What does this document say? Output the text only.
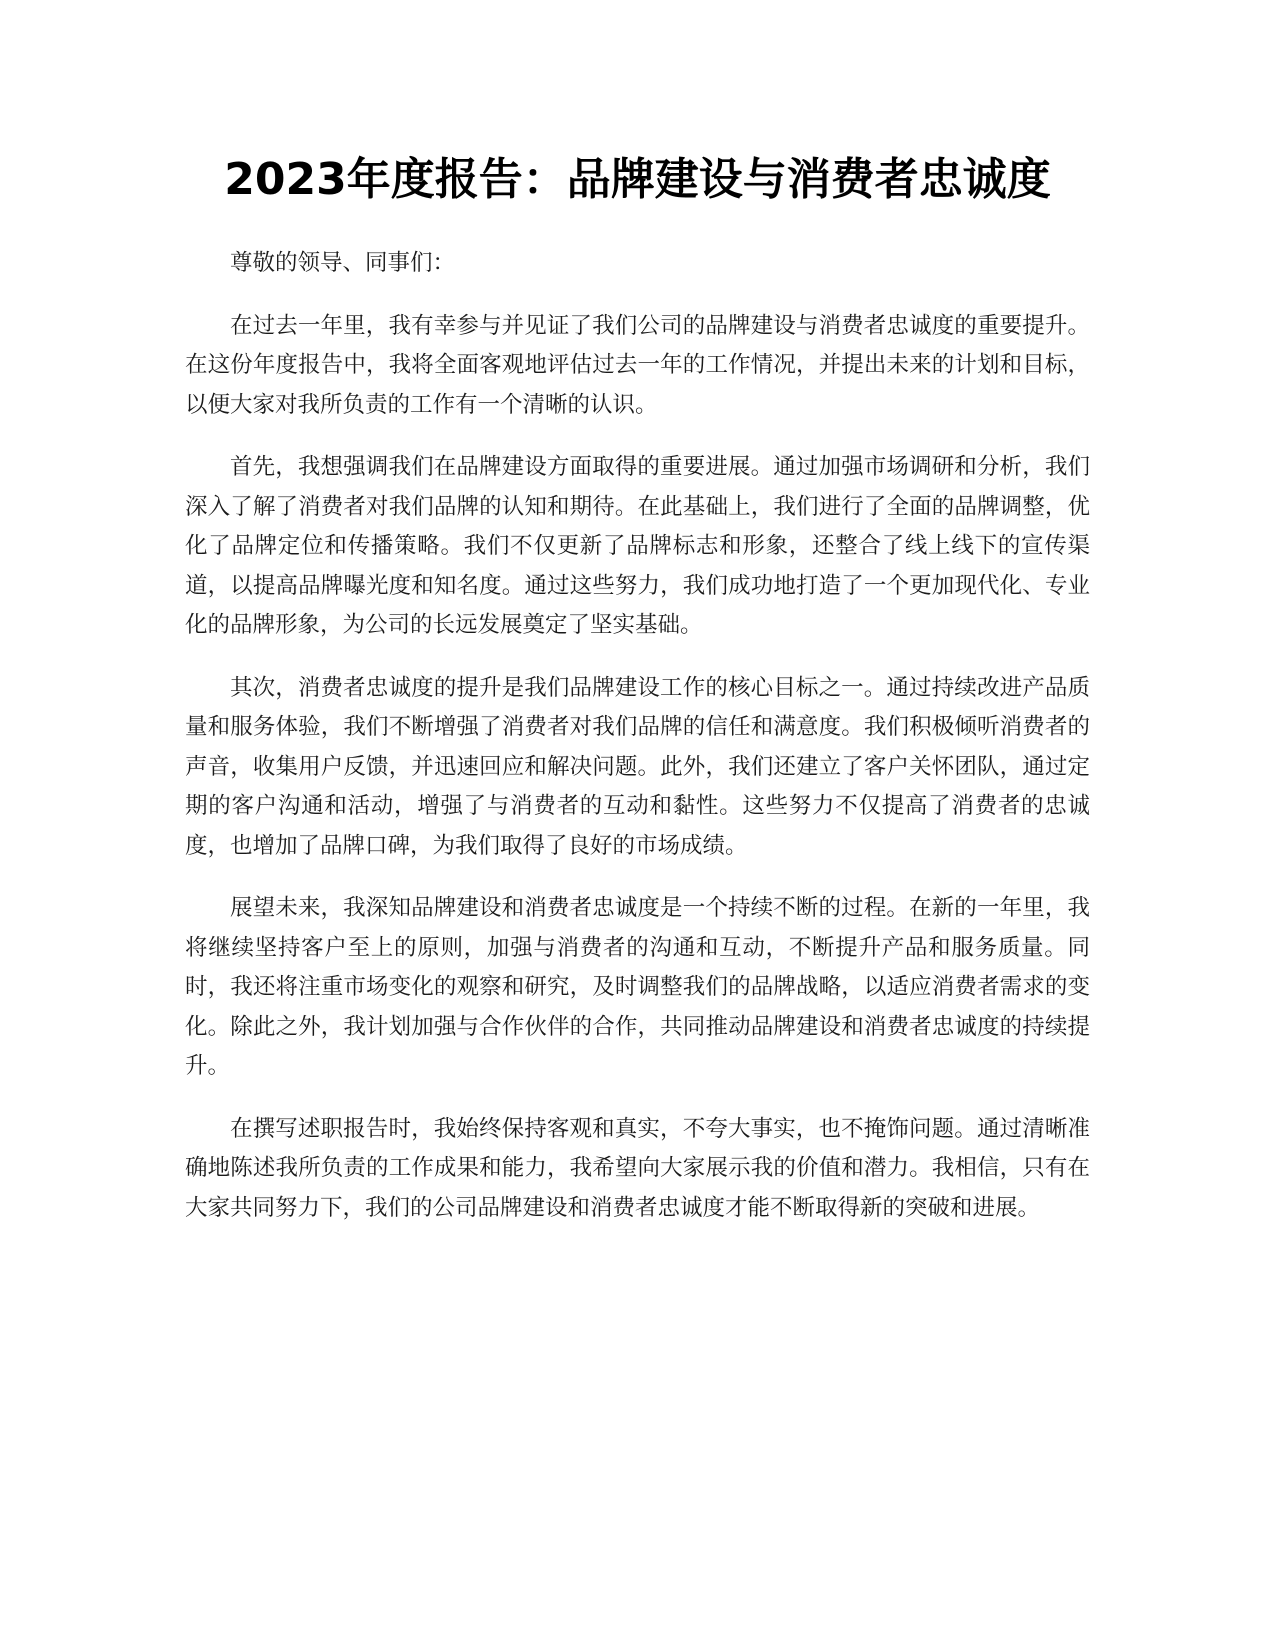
2023年度报告：品牌建设与消费者忠诚度

尊敬的领导、同事们：

在过去一年里，我有幸参与并见证了我们公司的品牌建设与消费者忠诚度的重要提升。在这份年度报告中，我将全面客观地评估过去一年的工作情况，并提出未来的计划和目标，以便大家对我所负责的工作有一个清晰的认识。

首先，我想强调我们在品牌建设方面取得的重要进展。通过加强市场调研和分析，我们深入了解了消费者对我们品牌的认知和期待。在此基础上，我们进行了全面的品牌调整，优化了品牌定位和传播策略。我们不仅更新了品牌标志和形象，还整合了线上线下的宣传渠道，以提高品牌曝光度和知名度。通过这些努力，我们成功地打造了一个更加现代化、专业化的品牌形象，为公司的长远发展奠定了坚实基础。

其次，消费者忠诚度的提升是我们品牌建设工作的核心目标之一。通过持续改进产品质量和服务体验，我们不断增强了消费者对我们品牌的信任和满意度。我们积极倾听消费者的声音，收集用户反馈，并迅速回应和解决问题。此外，我们还建立了客户关怀团队，通过定期的客户沟通和活动，增强了与消费者的互动和黏性。这些努力不仅提高了消费者的忠诚度，也增加了品牌口碑，为我们取得了良好的市场成绩。

展望未来，我深知品牌建设和消费者忠诚度是一个持续不断的过程。在新的一年里，我将继续坚持客户至上的原则，加强与消费者的沟通和互动，不断提升产品和服务质量。同时，我还将注重市场变化的观察和研究，及时调整我们的品牌战略，以适应消费者需求的变化。除此之外，我计划加强与合作伙伴的合作，共同推动品牌建设和消费者忠诚度的持续提升。

在撰写述职报告时，我始终保持客观和真实，不夸大事实，也不掩饰问题。通过清晰准确地陈述我所负责的工作成果和能力，我希望向大家展示我的价值和潜力。我相信，只有在大家共同努力下，我们的公司品牌建设和消费者忠诚度才能不断取得新的突破和进展。
